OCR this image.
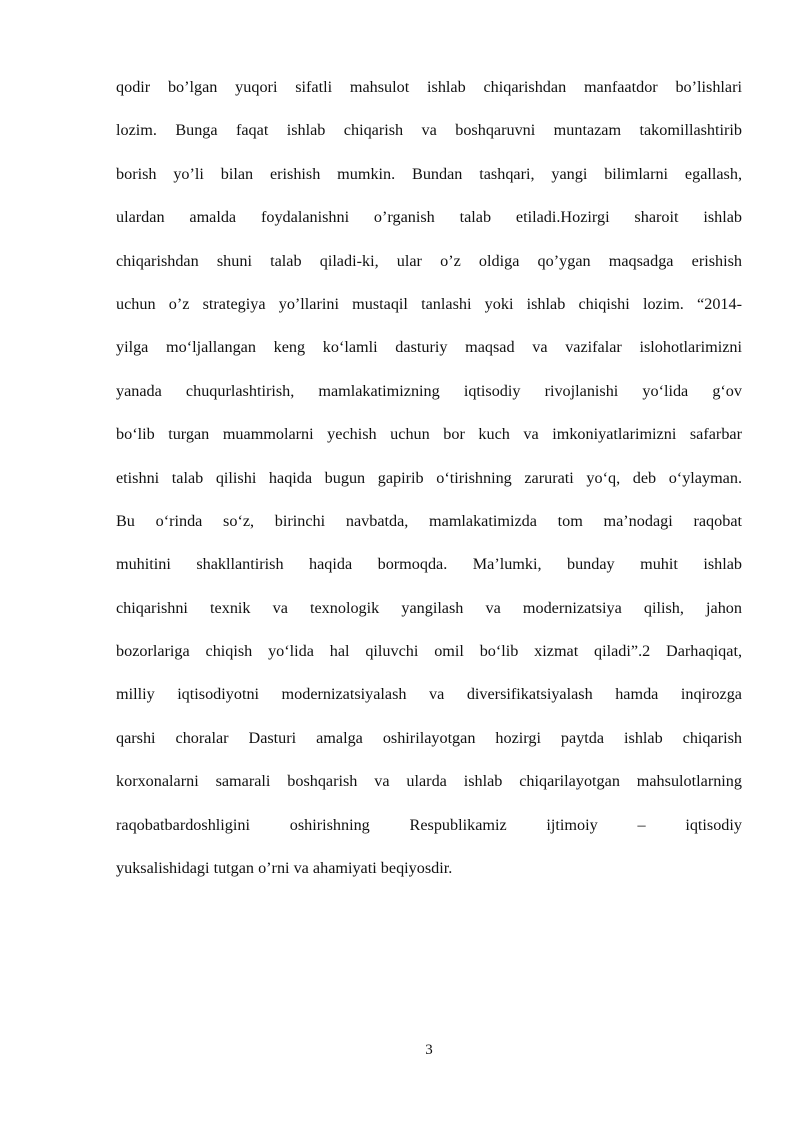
qodir bo’lgan yuqori sifatli mahsulot ishlab chiqarishdan manfaatdor bo’lishlari
lozim. Bunga faqat ishlab chiqarish va boshqaruvni muntazam takomillashtirib
borish yo’li bilan erishish mumkin. Bundan tashqari, yangi bilimlarni egallash,
ulardan amalda foydalanishni o’rganish talab etiladi.Hozirgi sharoit ishlab
chiqarishdan shuni talab qiladi-ki, ular o’z oldiga qo’ygan maqsadga erishish
uchun o’z strategiya yo’llarini mustaqil tanlashi yoki ishlab chiqishi lozim. “2014-
yilga mo‘ljallangan keng ko‘lamli dasturiy maqsad va vazifalar islohotlarimizni
yanada chuqurlashtirish, mamlakatimizning iqtisodiy rivojlanishi yo‘lida g‘ov
bo‘lib turgan muammolarni yechish uchun bor kuch va imkoniyatlarimizni safarbar
etishni talab qilishi haqida bugun gapirib o‘tirishning zarurati yo‘q, deb o‘ylayman.
Bu o‘rinda so‘z, birinchi navbatda, mamlakatimizda tom ma’nodagi raqobat
muhitini shakllantirish haqida bormoqda. Ma’lumki, bunday muhit ishlab
chiqarishni texnik va texnologik yangilash va modernizatsiya qilish, jahon
bozorlariga chiqish yo‘lida hal qiluvchi omil bo‘lib xizmat qiladi”.2 Darhaqiqat,
milliy iqtisodiyotni modernizatsiyalash va diversifikatsiyalash hamda inqirozga
qarshi choralar Dasturi amalga oshirilayotgan hozirgi paytda ishlab chiqarish
korxonalarni samarali boshqarish va ularda ishlab chiqarilayotgan mahsulotlarning
raqobatbardoshligini oshirishning Respublikamiz ijtimoiy – iqtisodiy
yuksalishidagi tutgan o’rni va ahamiyati beqiyosdir.
3
